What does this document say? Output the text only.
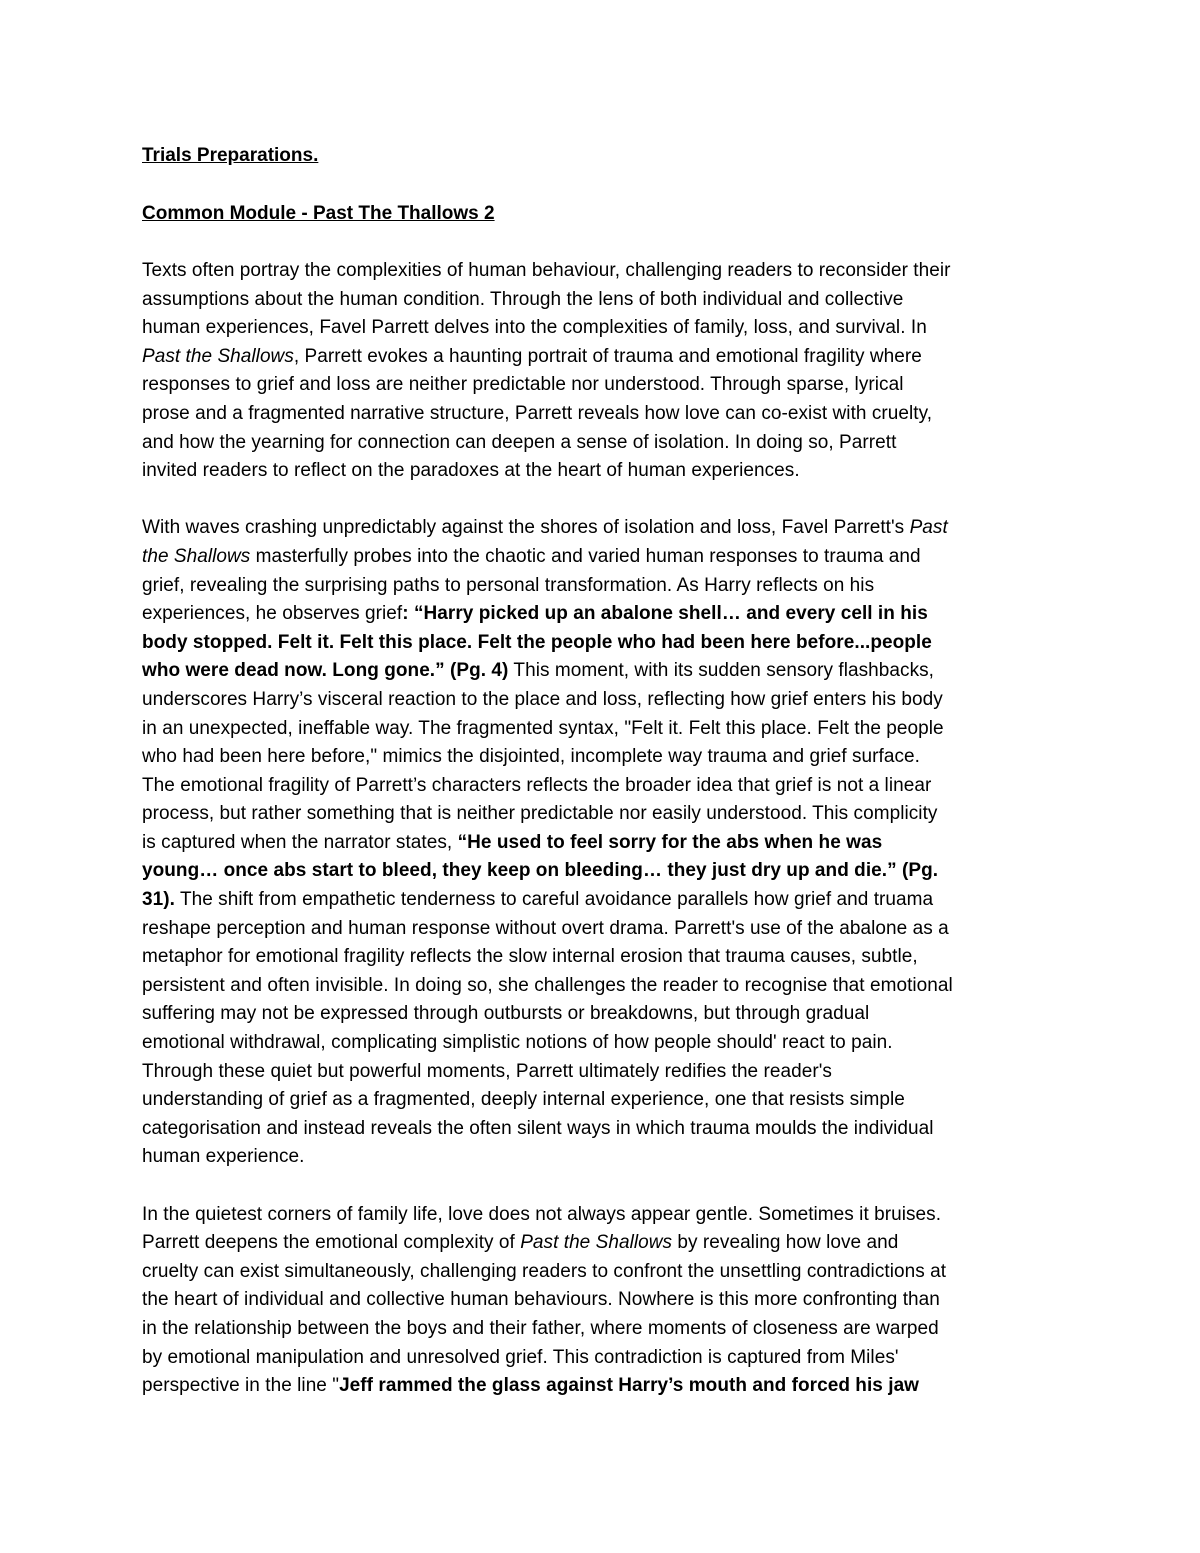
Trials Preparations.
Common Module - Past The Thallows 2

Texts often portray the complexities of human behaviour, challenging readers to reconsider their
assumptions about the human condition. Through the lens of both individual and collective
human experiences, Favel Parrett delves into the complexities of family, loss, and survival. In
Past the Shallows, Parrett evokes a haunting portrait of trauma and emotional fragility where
responses to grief and loss are neither predictable nor understood. Through sparse, lyrical
prose and a fragmented narrative structure, Parrett reveals how love can co-exist with cruelty,
and how the yearning for connection can deepen a sense of isolation. In doing so, Parrett
invited readers to reflect on the paradoxes at the heart of human experiences.

With waves crashing unpredictably against the shores of isolation and loss, Favel Parrett's Past
the Shallows masterfully probes into the chaotic and varied human responses to trauma and
grief, revealing the surprising paths to personal transformation. As Harry reflects on his
experiences, he observes grief: “Harry picked up an abalone shell… and every cell in his
body stopped. Felt it. Felt this place. Felt the people who had been here before...people
who were dead now. Long gone.” (Pg. 4) This moment, with its sudden sensory flashbacks,
underscores Harry’s visceral reaction to the place and loss, reflecting how grief enters his body
in an unexpected, ineffable way. The fragmented syntax, "Felt it. Felt this place. Felt the people
who had been here before," mimics the disjointed, incomplete way trauma and grief surface.
The emotional fragility of Parrett’s characters reflects the broader idea that grief is not a linear
process, but rather something that is neither predictable nor easily understood. This complicity
is captured when the narrator states, “He used to feel sorry for the abs when he was
young… once abs start to bleed, they keep on bleeding… they just dry up and die.” (Pg.
31). The shift from empathetic tenderness to careful avoidance parallels how grief and truama
reshape perception and human response without overt drama. Parrett's use of the abalone as a
metaphor for emotional fragility reflects the slow internal erosion that trauma causes, subtle,
persistent and often invisible. In doing so, she challenges the reader to recognise that emotional
suffering may not be expressed through outbursts or breakdowns, but through gradual
emotional withdrawal, complicating simplistic notions of how people should' react to pain.
Through these quiet but powerful moments, Parrett ultimately redifies the reader's
understanding of grief as a fragmented, deeply internal experience, one that resists simple
categorisation and instead reveals the often silent ways in which trauma moulds the individual
human experience.

In the quietest corners of family life, love does not always appear gentle. Sometimes it bruises.
Parrett deepens the emotional complexity of Past the Shallows by revealing how love and
cruelty can exist simultaneously, challenging readers to confront the unsettling contradictions at
the heart of individual and collective human behaviours. Nowhere is this more confronting than
in the relationship between the boys and their father, where moments of closeness are warped
by emotional manipulation and unresolved grief. This contradiction is captured from Miles'
perspective in the line "Jeff rammed the glass against Harry’s mouth and forced his jaw
